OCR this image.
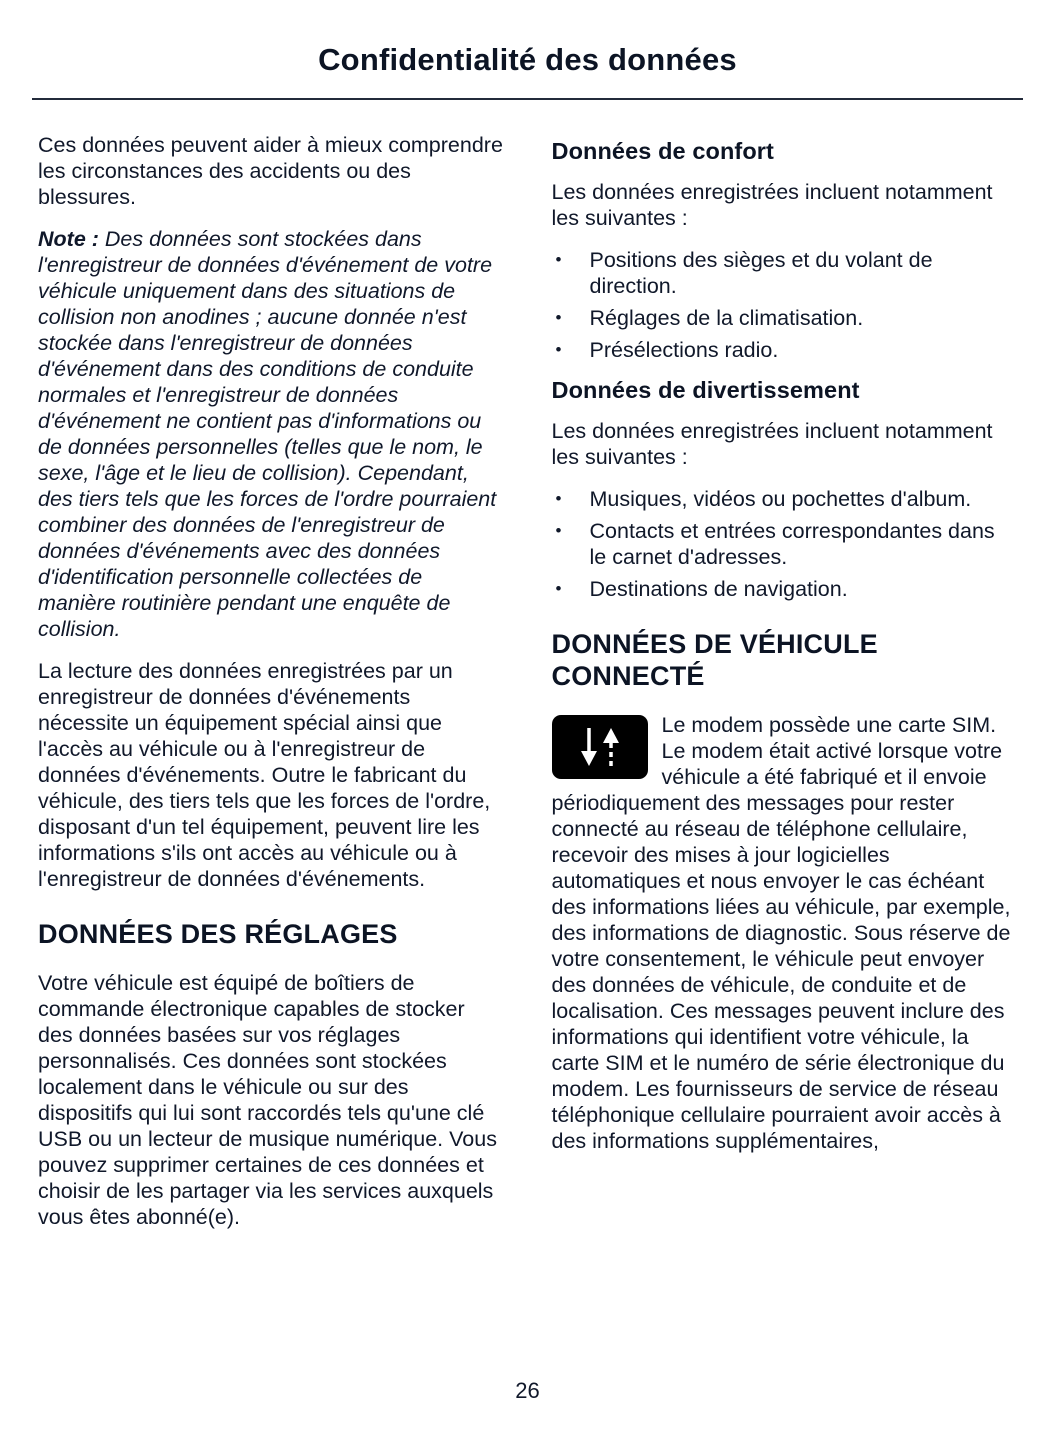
Confidentialité des données

Ces données peuvent aider à mieux comprendre les circonstances des accidents ou des blessures.

Note : Des données sont stockées dans l'enregistreur de données d'événement de votre véhicule uniquement dans des situations de collision non anodines ; aucune donnée n'est stockée dans l'enregistreur de données d'événement dans des conditions de conduite normales et l'enregistreur de données d'événement ne contient pas d'informations ou de données personnelles (telles que le nom, le sexe, l'âge et le lieu de collision). Cependant, des tiers tels que les forces de l'ordre pourraient combiner des données de l'enregistreur de données d'événements avec des données d'identification personnelle collectées de manière routinière pendant une enquête de collision.

La lecture des données enregistrées par un enregistreur de données d'événements nécessite un équipement spécial ainsi que l'accès au véhicule ou à l'enregistreur de données d'événements. Outre le fabricant du véhicule, des tiers tels que les forces de l'ordre, disposant d'un tel équipement, peuvent lire les informations s'ils ont accès au véhicule ou à l'enregistreur de données d'événements.

DONNÉES DES RÉGLAGES

Votre véhicule est équipé de boîtiers de commande électronique capables de stocker des données basées sur vos réglages personnalisés. Ces données sont stockées localement dans le véhicule ou sur des dispositifs qui lui sont raccordés tels qu'une clé USB ou un lecteur de musique numérique. Vous pouvez supprimer certaines de ces données et choisir de les partager via les services auxquels vous êtes abonné(e).

Données de confort

Les données enregistrées incluent notamment les suivantes :

• Positions des sièges et du volant de direction.
• Réglages de la climatisation.
• Présélections radio.
Données de divertissement

Les données enregistrées incluent notamment les suivantes :

• Musiques, vidéos ou pochettes d'album.
• Contacts et entrées correspondantes dans le carnet d'adresses.
• Destinations de navigation.
DONNÉES DE VÉHICULE CONNECTÉ

Le modem possède une carte SIM. Le modem était activé lorsque votre véhicule a été fabriqué et il envoie périodiquement des messages pour rester connecté au réseau de téléphone cellulaire, recevoir des mises à jour logicielles automatiques et nous envoyer le cas échéant des informations liées au véhicule, par exemple, des informations de diagnostic. Sous réserve de votre consentement, le véhicule peut envoyer des données de véhicule, de conduite et de localisation. Ces messages peuvent inclure des informations qui identifient votre véhicule, la carte SIM et le numéro de série électronique du modem. Les fournisseurs de service de réseau téléphonique cellulaire pourraient avoir accès à des informations supplémentaires,

26
